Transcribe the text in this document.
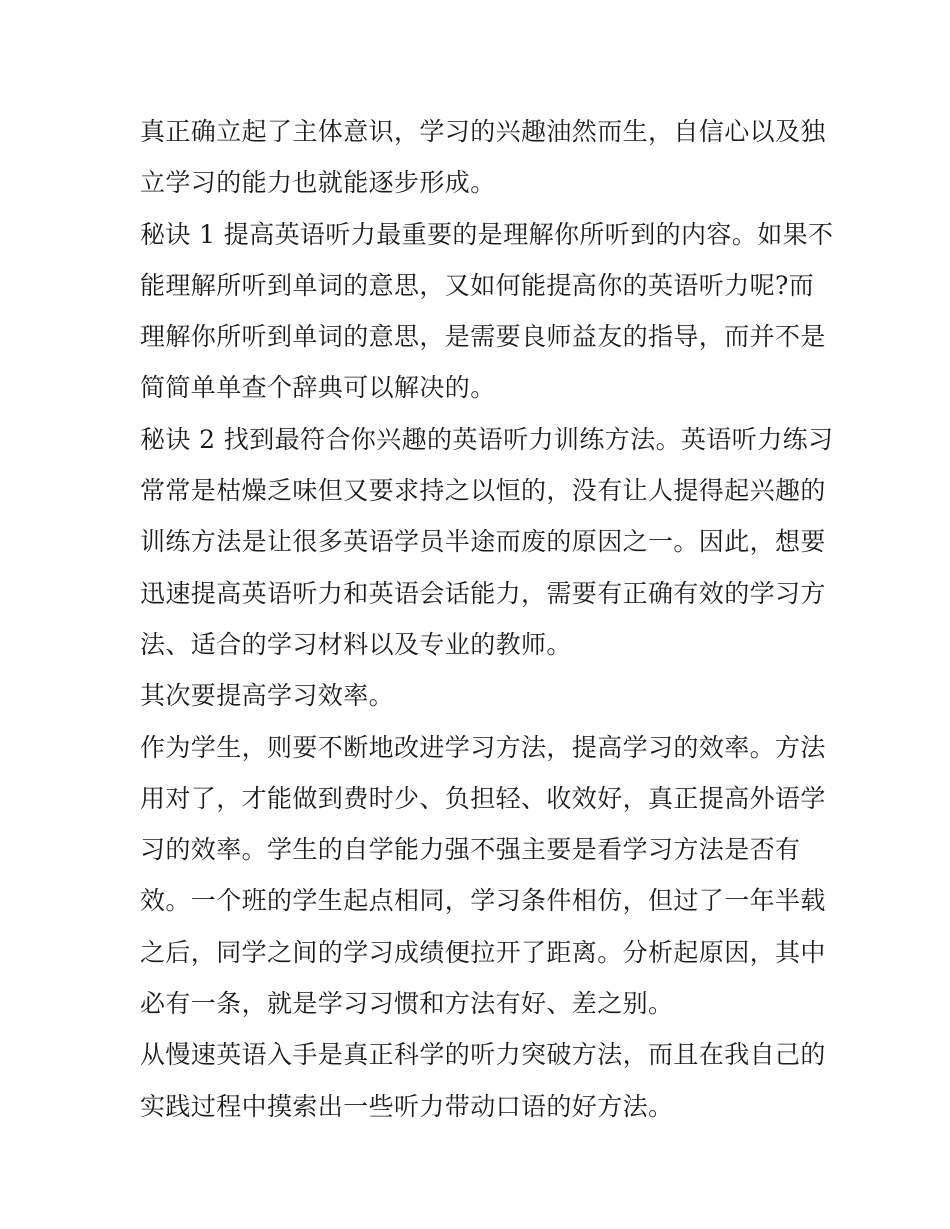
真正确立起了主体意识，学习的兴趣油然而生，自信心以及独
立学习的能力也就能逐步形成。
秘诀 1 提高英语听力最重要的是理解你所听到的内容。如果不
能理解所听到单词的意思，又如何能提高你的英语听力呢?而
理解你所听到单词的意思，是需要良师益友的指导，而并不是
简简单单查个辞典可以解决的。
秘诀 2 找到最符合你兴趣的英语听力训练方法。英语听力练习
常常是枯燥乏味但又要求持之以恒的，没有让人提得起兴趣的
训练方法是让很多英语学员半途而废的原因之一。因此，想要
迅速提高英语听力和英语会话能力，需要有正确有效的学习方
法、适合的学习材料以及专业的教师。
其次要提高学习效率。
作为学生，则要不断地改进学习方法，提高学习的效率。方法
用对了，才能做到费时少、负担轻、收效好，真正提高外语学
习的效率。学生的自学能力强不强主要是看学习方法是否有
效。一个班的学生起点相同，学习条件相仿，但过了一年半载
之后，同学之间的学习成绩便拉开了距离。分析起原因，其中
必有一条，就是学习习惯和方法有好、差之别。
从慢速英语入手是真正科学的听力突破方法，而且在我自己的
实践过程中摸索出一些听力带动口语的好方法。
